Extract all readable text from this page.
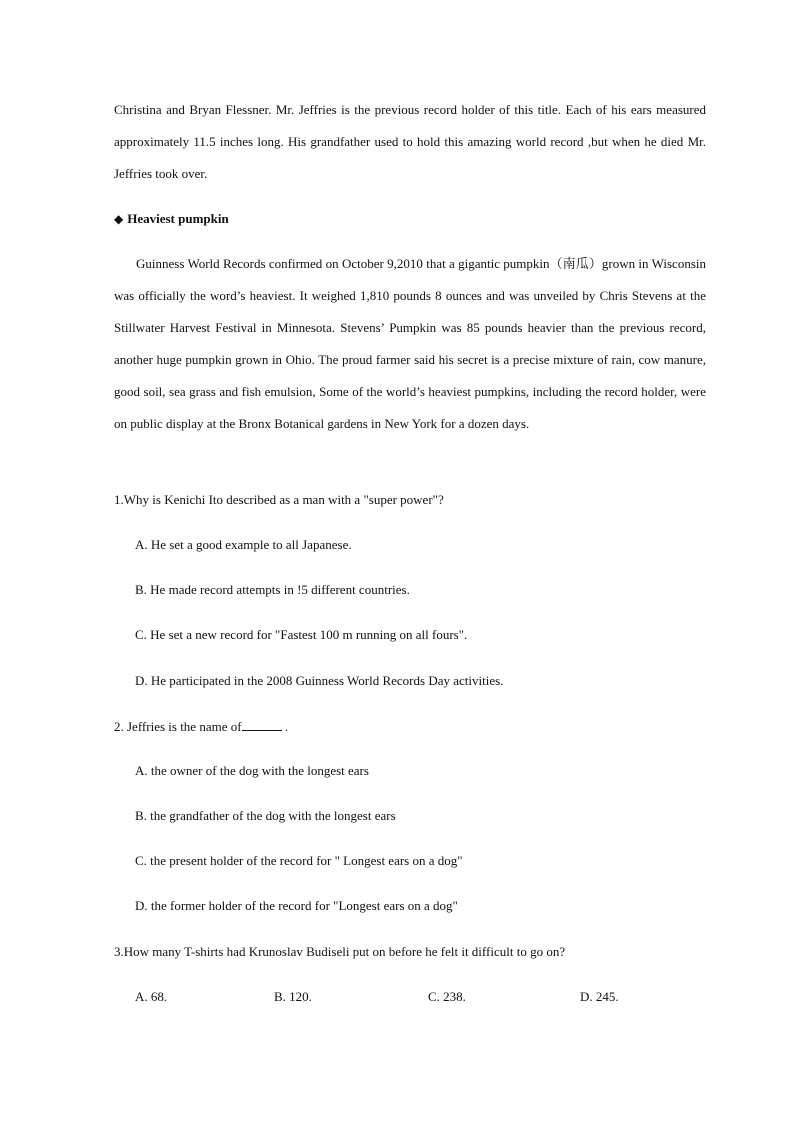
Christina and Bryan Flessner. Mr. Jeffries is the previous record holder of this title. Each of his ears measured approximately 11.5 inches long. His grandfather used to hold this amazing world record ,but when he died Mr. Jeffries took over.

◆ Heaviest pumpkin

Guinness World Records confirmed on October 9,2010 that a gigantic pumpkin（南瓜）grown in Wisconsin was officially the word’s heaviest. It weighed 1,810 pounds 8 ounces and was unveiled by Chris Stevens at the Stillwater Harvest Festival in Minnesota. Stevens’ Pumpkin was 85 pounds heavier than the previous record, another huge pumpkin grown in Ohio. The proud farmer said his secret is a precise mixture of rain, cow manure, good soil, sea grass and fish emulsion, Some of the world’s heaviest pumpkins, including the record holder, were on public display at the Bronx Botanical gardens in New York for a dozen days.

1.Why is Kenichi Ito described as a man with a "super power"?
A. He set a good example to all Japanese.
B. He made record attempts in !5 different countries.
C. He set a new record for "Fastest 100 m running on all fours".
D. He participated in the 2008 Guinness World Records Day activities.
2. Jeffries is the name of	.
A. the owner of the dog with the longest ears
B. the grandfather of the dog with the longest ears
C. the present holder of the record for " Longest ears on a dog"
D. the former holder of the record for "Longest ears on a dog"
3.How many T-shirts had Krunoslav Budiseli put on before he felt it difficult to go on?
A. 68.	B. 120.	C. 238.	D. 245.
